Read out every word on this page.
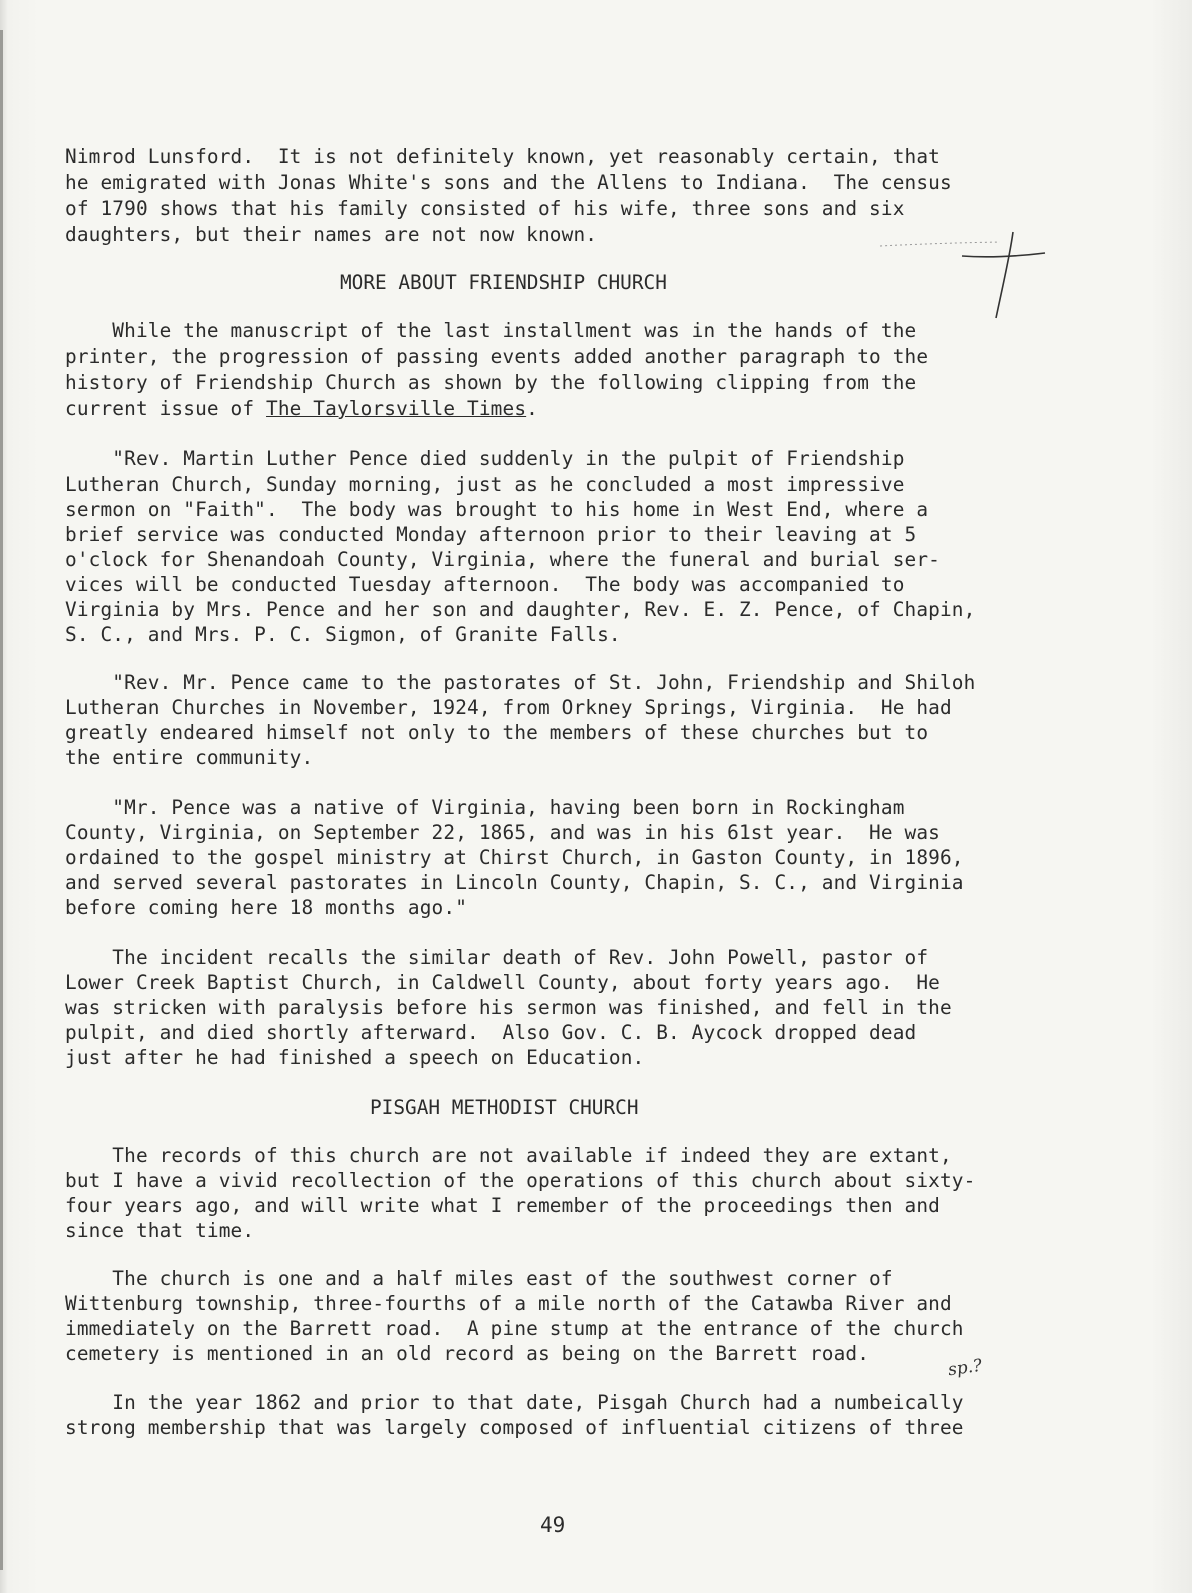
Nimrod Lunsford.  It is not definitely known, yet reasonably certain, that
he emigrated with Jonas White's sons and the Allens to Indiana.  The census
of 1790 shows that his family consisted of his wife, three sons and six
daughters, but their names are not now known.
MORE ABOUT FRIENDSHIP CHURCH
While the manuscript of the last installment was in the hands of the
printer, the progression of passing events added another paragraph to the
history of Friendship Church as shown by the following clipping from the
current issue of The Taylorsville Times.
"Rev. Martin Luther Pence died suddenly in the pulpit of Friendship
Lutheran Church, Sunday morning, just as he concluded a most impressive
sermon on "Faith".  The body was brought to his home in West End, where a
brief service was conducted Monday afternoon prior to their leaving at 5
o'clock for Shenandoah County, Virginia, where the funeral and burial ser-
vices will be conducted Tuesday afternoon.  The body was accompanied to
Virginia by Mrs. Pence and her son and daughter, Rev. E. Z. Pence, of Chapin,
S. C., and Mrs. P. C. Sigmon, of Granite Falls.
"Rev. Mr. Pence came to the pastorates of St. John, Friendship and Shiloh
Lutheran Churches in November, 1924, from Orkney Springs, Virginia.  He had
greatly endeared himself not only to the members of these churches but to
the entire community.
"Mr. Pence was a native of Virginia, having been born in Rockingham
County, Virginia, on September 22, 1865, and was in his 61st year.  He was
ordained to the gospel ministry at Chirst Church, in Gaston County, in 1896,
and served several pastorates in Lincoln County, Chapin, S. C., and Virginia
before coming here 18 months ago."
The incident recalls the similar death of Rev. John Powell, pastor of
Lower Creek Baptist Church, in Caldwell County, about forty years ago.  He
was stricken with paralysis before his sermon was finished, and fell in the
pulpit, and died shortly afterward.  Also Gov. C. B. Aycock dropped dead
just after he had finished a speech on Education.
PISGAH METHODIST CHURCH
The records of this church are not available if indeed they are extant,
but I have a vivid recollection of the operations of this church about sixty-
four years ago, and will write what I remember of the proceedings then and
since that time.
The church is one and a half miles east of the southwest corner of
Wittenburg township, three-fourths of a mile north of the Catawba River and
immediately on the Barrett road.  A pine stump at the entrance of the church
cemetery is mentioned in an old record as being on the Barrett road.
sp.?
In the year 1862 and prior to that date, Pisgah Church had a numbeically
strong membership that was largely composed of influential citizens of three
49
